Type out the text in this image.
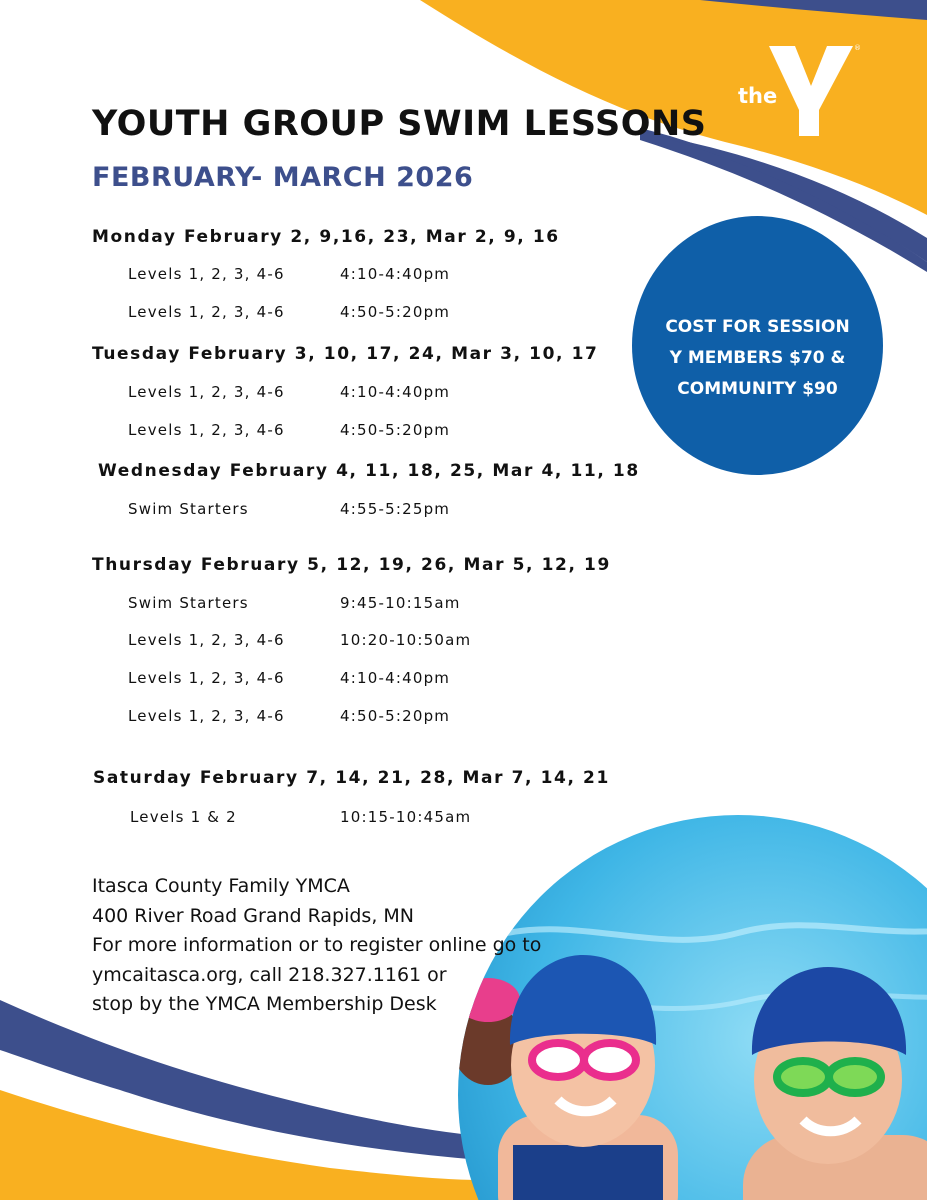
YMCA
®
the
YOUTH GROUP SWIM LESSONS
FEBRUARY- MARCH 2026
Monday February 2, 9,16, 23, Mar 2, 9, 16
Levels 1, 2, 3, 4-6	4:10-4:40pm
Levels 1, 2, 3, 4-6	4:50-5:20pm
Tuesday February 3, 10, 17, 24, Mar 3, 10, 17
Levels 1, 2, 3, 4-6	4:10-4:40pm
Levels 1, 2, 3, 4-6	4:50-5:20pm
Wednesday February 4, 11, 18, 25, Mar 4, 11, 18
Swim Starters	4:55-5:25pm
Thursday February 5, 12, 19, 26, Mar 5, 12, 19
Swim Starters	9:45-10:15am
Levels 1, 2, 3, 4-6	10:20-10:50am
Levels 1, 2, 3, 4-6	4:10-4:40pm
Levels 1, 2, 3, 4-6	4:50-5:20pm
Saturday February 7, 14, 21, 28, Mar 7, 14, 21
Levels 1 & 2	10:15-10:45am
COST FOR SESSION
Y MEMBERS $70 &
COMMUNITY $90
Itasca County Family YMCA
400 River Road Grand Rapids, MN
For more information or to register online go to
ymcaitasca.org, call 218.327.1161 or
stop by the YMCA Membership Desk
